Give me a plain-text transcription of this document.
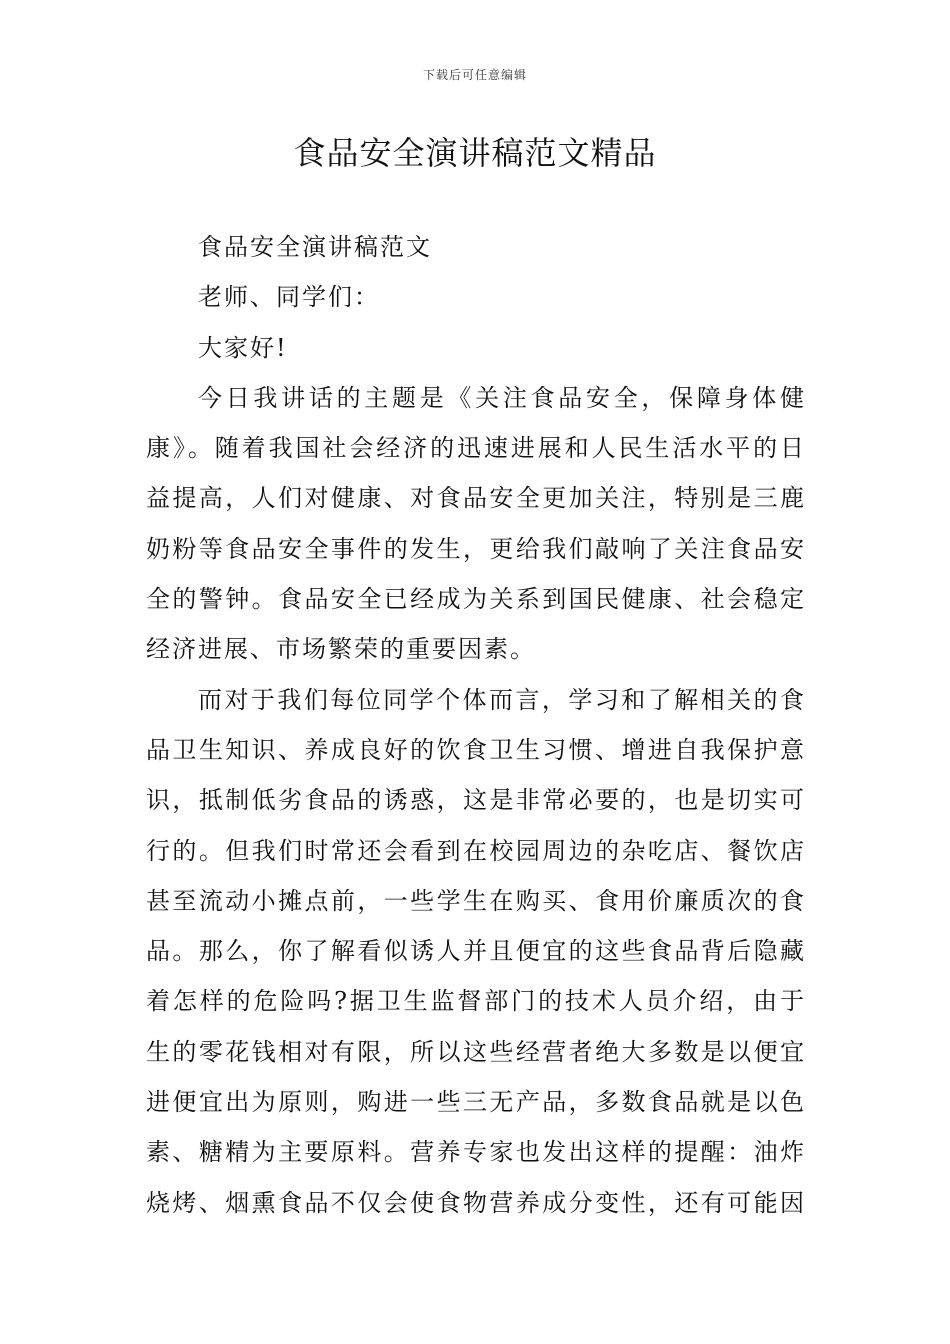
下载后可任意编辑
食品安全演讲稿范文精品
食品安全演讲稿范文
老师、同学们：
大家好!
今日我讲话的主题是《关注食品安全，保障身体健
康》。随着我国社会经济的迅速进展和人民生活水平的日
益提高，人们对健康、对食品安全更加关注，特别是三鹿
奶粉等食品安全事件的发生，更给我们敲响了关注食品安
全的警钟。食品安全已经成为关系到国民健康、社会稳定
经济进展、市场繁荣的重要因素。
而对于我们每位同学个体而言，学习和了解相关的食
品卫生知识、养成良好的饮食卫生习惯、增进自我保护意
识，抵制低劣食品的诱惑，这是非常必要的，也是切实可
行的。但我们时常还会看到在校园周边的杂吃店、餐饮店
甚至流动小摊点前，一些学生在购买、食用价廉质次的食
品。那么，你了解看似诱人并且便宜的这些食品背后隐藏
着怎样的危险吗?据卫生监督部门的技术人员介绍，由于
生的零花钱相对有限，所以这些经营者绝大多数是以便宜
进便宜出为原则，购进一些三无产品，多数食品就是以色
素、糖精为主要原料。营养专家也发出这样的提醒：油炸
烧烤、烟熏食品不仅会使食物营养成分变性，还有可能因
